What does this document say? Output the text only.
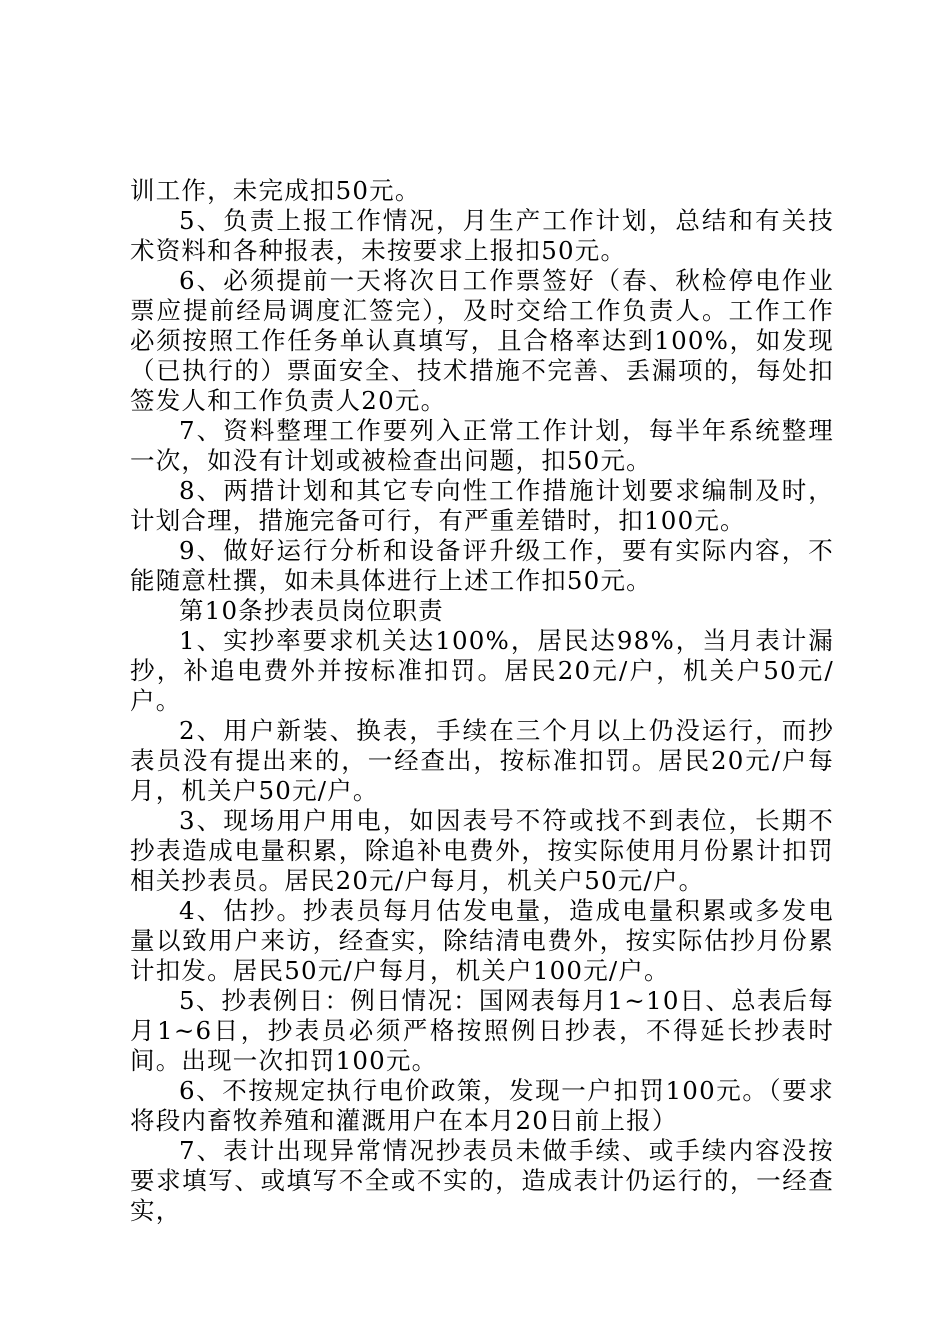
训工作，未完成扣50元。

5、负责上报工作情况，月生产工作计划，总结和有关技术资料和各种报表，未按要求上报扣50元。

6、必须提前一天将次日工作票签好（春、秋检停电作业票应提前经局调度汇签完），及时交给工作负责人。工作工作必须按照工作任务单认真填写，且合格率达到100%，如发现（已执行的）票面安全、技术措施不完善、丢漏项的，每处扣签发人和工作负责人20元。

7、资料整理工作要列入正常工作计划，每半年系统整理一次，如没有计划或被检查出问题，扣50元。

8、两措计划和其它专向性工作措施计划要求编制及时，计划合理，措施完备可行，有严重差错时，扣100元。

9、做好运行分析和设备评升级工作，要有实际内容，不能随意杜撰，如未具体进行上述工作扣50元。

第10条抄表员岗位职责

1、实抄率要求机关达100%，居民达98%，当月表计漏抄，补追电费外并按标准扣罚。居民20元/户，机关户50元/户。

2、用户新装、换表，手续在三个月以上仍没运行，而抄表员没有提出来的，一经查出，按标准扣罚。居民20元/户每月，机关户50元/户。

3、现场用户用电，如因表号不符或找不到表位，长期不抄表造成电量积累，除追补电费外，按实际使用月份累计扣罚相关抄表员。居民20元/户每月，机关户50元/户。

4、估抄。抄表员每月估发电量，造成电量积累或多发电量以致用户来访，经查实，除结清电费外，按实际估抄月份累计扣发。居民50元/户每月，机关户100元/户。

5、抄表例日：例日情况：国网表每月1~10日、总表后每月1~6日，抄表员必须严格按照例日抄表，不得延长抄表时间。出现一次扣罚100元。

6、不按规定执行电价政策，发现一户扣罚100元。（要求将段内畜牧养殖和灌溉用户在本月20日前上报）

7、表计出现异常情况抄表员未做手续、或手续内容没按要求填写、或填写不全或不实的，造成表计仍运行的，一经查实，
